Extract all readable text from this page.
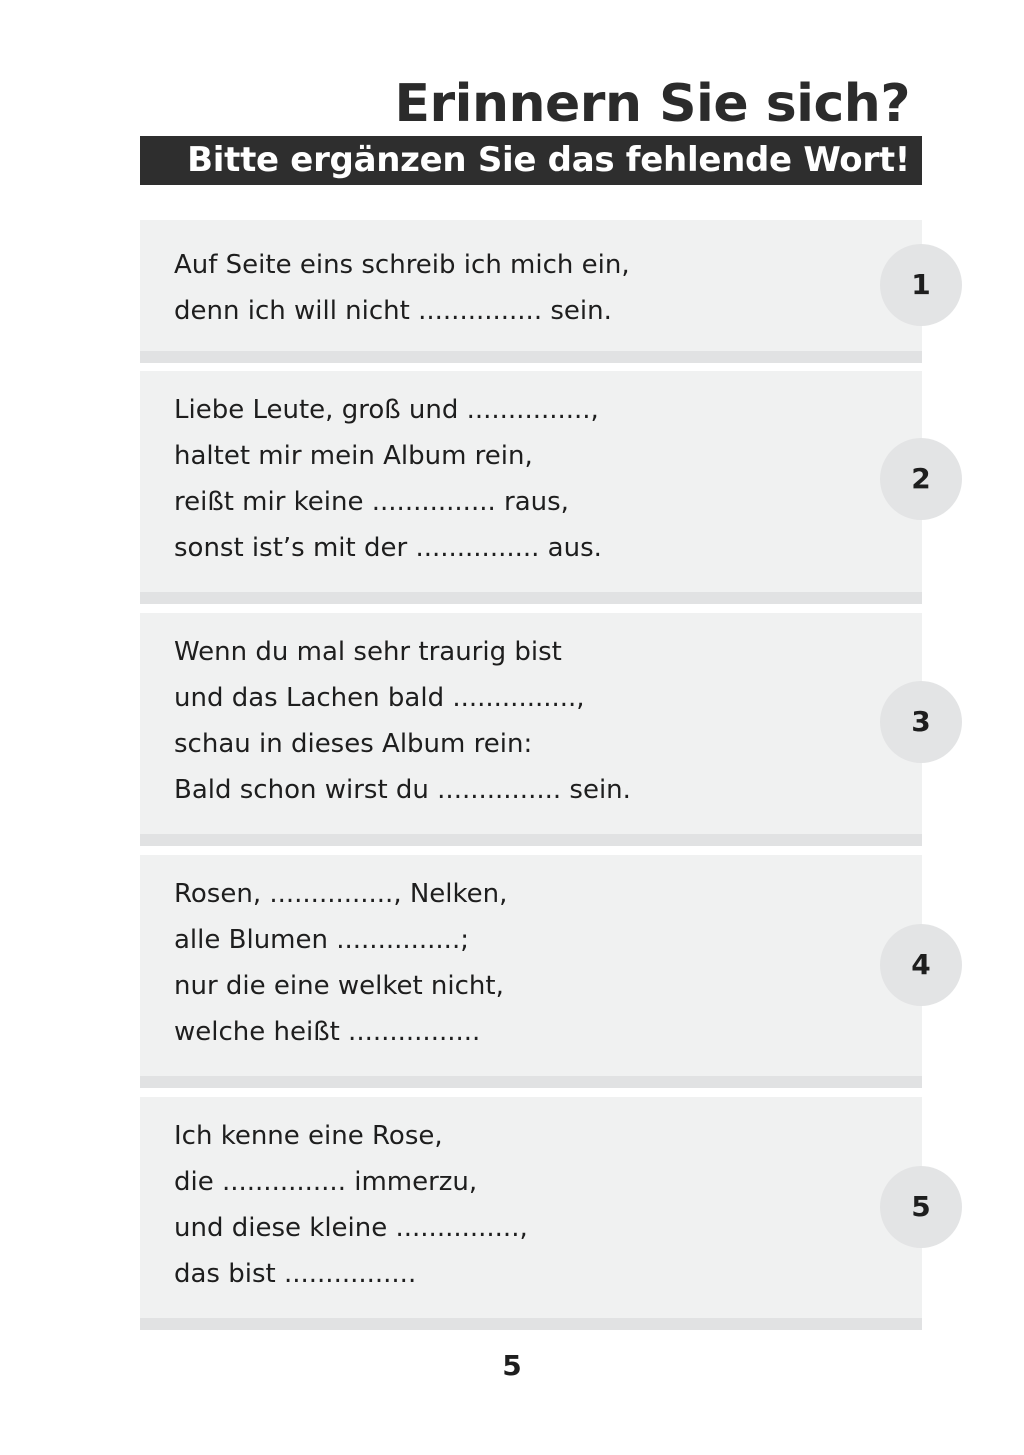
Erinnern Sie sich?
Bitte ergänzen Sie das fehlende Wort!
Auf Seite eins schreib ich mich ein,
denn ich will nicht ............... sein.
Liebe Leute, groß und ...............,
haltet mir mein Album rein,
reißt mir keine ............... raus,
sonst ist’s mit der ............... aus.
Wenn du mal sehr traurig bist
und das Lachen bald ...............,
schau in dieses Album rein:
Bald schon wirst du ............... sein.
Rosen, ..............., Nelken,
alle Blumen ...............;
nur die eine welket nicht,
welche heißt ................
Ich kenne eine Rose,
die ............... immerzu,
und diese kleine ...............,
das bist ................
1
2
3
4
5
5
